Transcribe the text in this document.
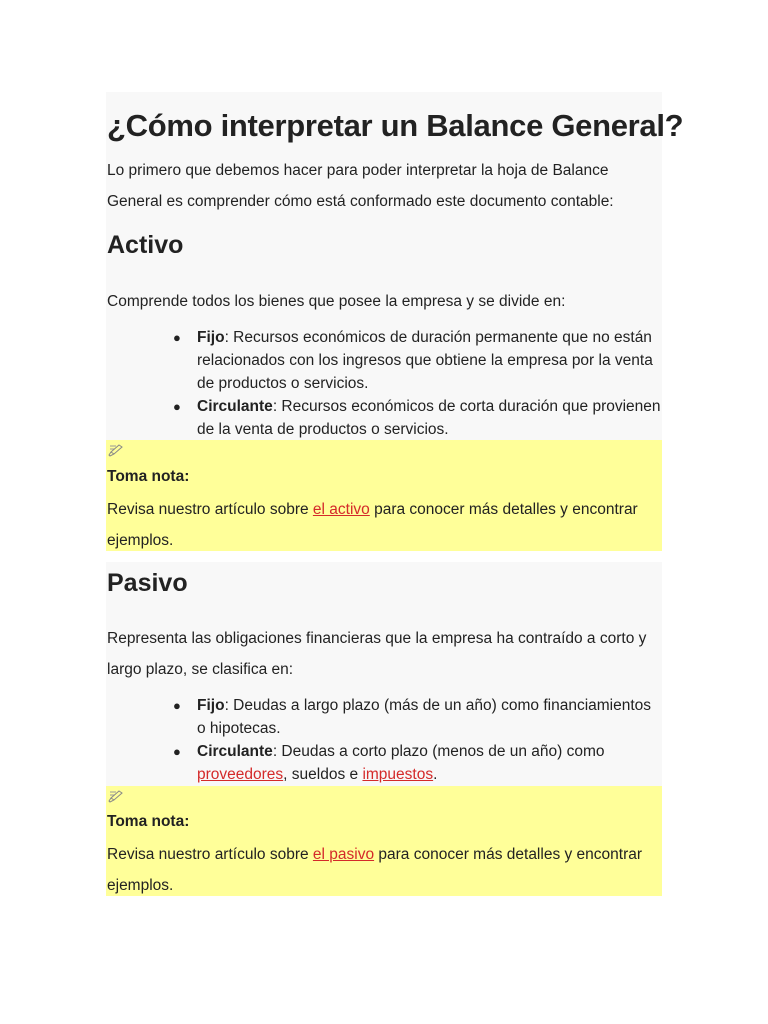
¿Cómo interpretar un Balance General?

Lo primero que debemos hacer para poder interpretar la hoja de Balance General es comprender cómo está conformado este documento contable:

Activo

Comprende todos los bienes que posee la empresa y se divide en:

● Fijo: Recursos económicos de duración permanente que no están relacionados con los ingresos que obtiene la empresa por la venta de productos o servicios.
● Circulante: Recursos económicos de corta duración que provienen de la venta de productos o servicios.

Toma nota:

Revisa nuestro artículo sobre el activo para conocer más detalles y encontrar ejemplos.

Pasivo

Representa las obligaciones financieras que la empresa ha contraído a corto y largo plazo, se clasifica en:

● Fijo: Deudas a largo plazo (más de un año) como financiamientos o hipotecas.
● Circulante: Deudas a corto plazo (menos de un año) como proveedores, sueldos e impuestos.

Toma nota:

Revisa nuestro artículo sobre el pasivo para conocer más detalles y encontrar ejemplos.
